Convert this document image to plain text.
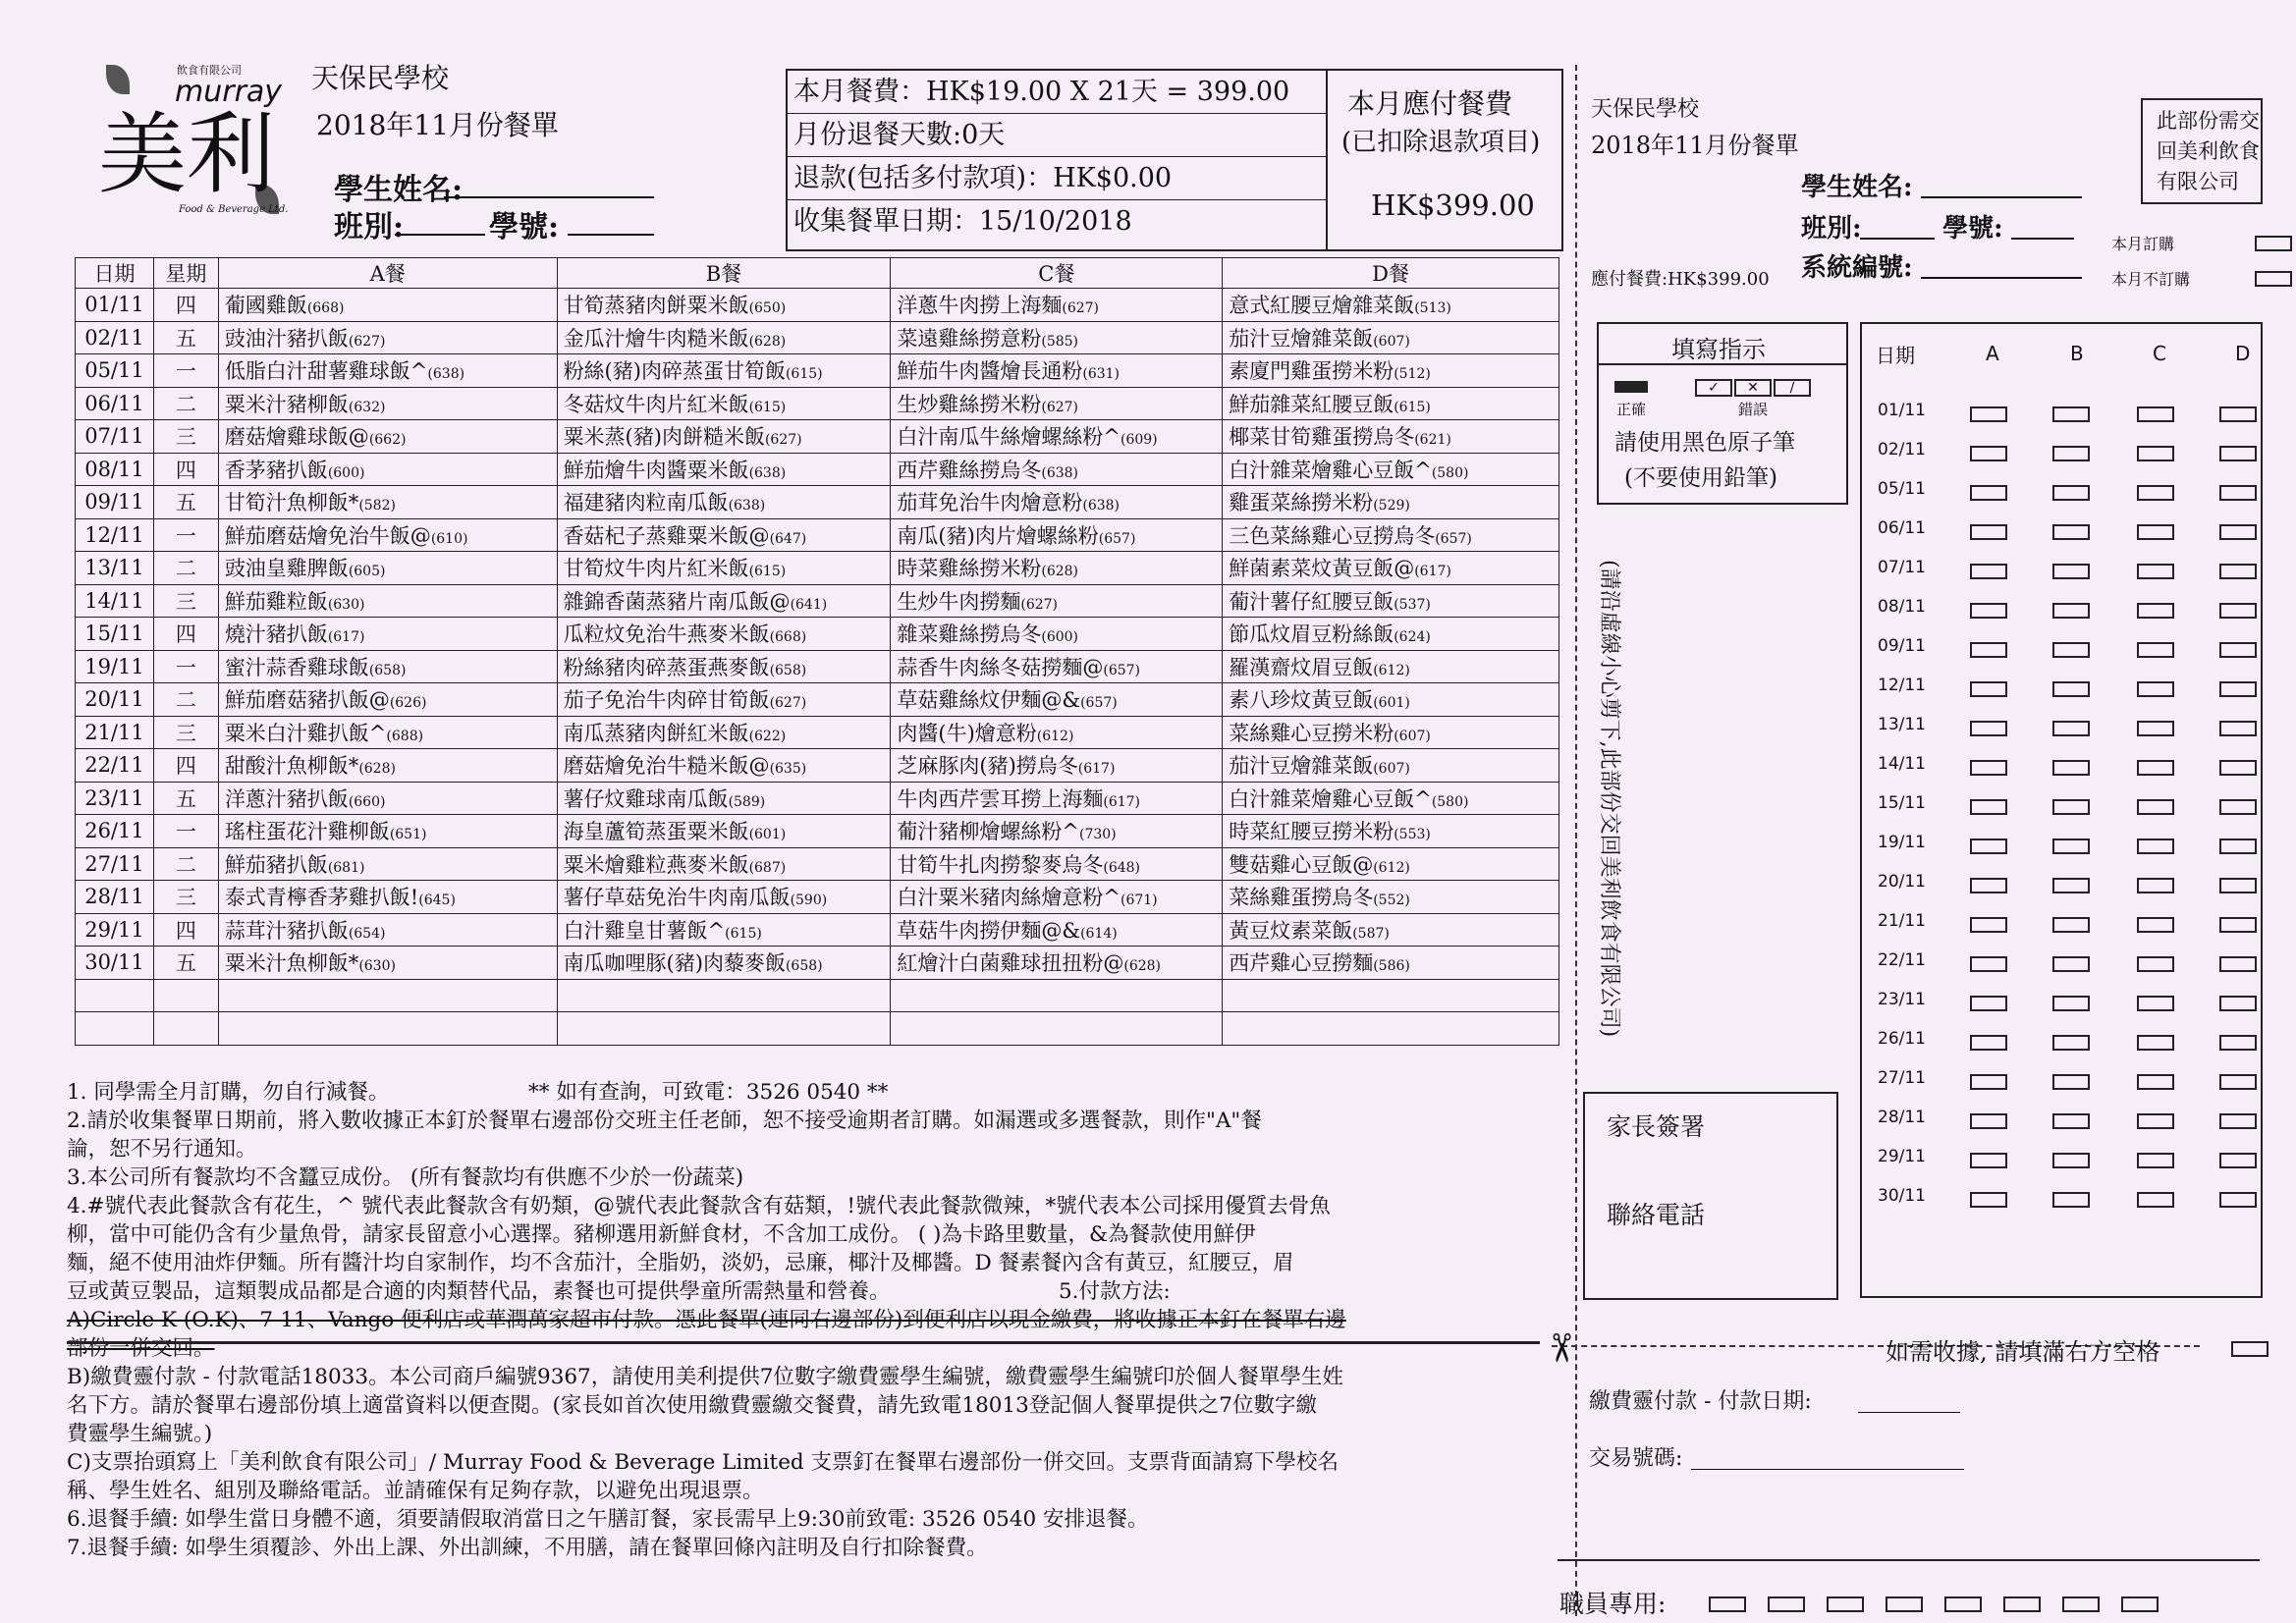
飲食有限公司
murray
美利
Food & Beverage Ltd.
天保民學校
2018年11月份餐單
學生姓名:
班別:	學號:
本月餐費：HK$19.00 X 21天 = 399.00
月份退餐天數:0天
退款(包括多付款項)：HK$0.00
收集餐單日期：15/10/2018
本月應付餐費
(已扣除退款項目)
HK$399.00
日期	星期	A餐	B餐	C餐	D餐
01/11	四	葡國雞飯(668)	甘筍蒸豬肉餅粟米飯(650)	洋蔥牛肉撈上海麵(627)	意式紅腰豆燴雜菜飯(513)
02/11	五	豉油汁豬扒飯(627)	金瓜汁燴牛肉糙米飯(628)	菜遠雞絲撈意粉(585)	茄汁豆燴雜菜飯(607)
05/11	一	低脂白汁甜薯雞球飯^(638)	粉絲(豬)肉碎蒸蛋甘筍飯(615)	鮮茄牛肉醬燴長通粉(631)	素廈門雞蛋撈米粉(512)
06/11	二	粟米汁豬柳飯(632)	冬菇炆牛肉片紅米飯(615)	生炒雞絲撈米粉(627)	鮮茄雜菜紅腰豆飯(615)
07/11	三	磨菇燴雞球飯@(662)	粟米蒸(豬)肉餅糙米飯(627)	白汁南瓜牛絲燴螺絲粉^(609)	椰菜甘筍雞蛋撈烏冬(621)
08/11	四	香茅豬扒飯(600)	鮮茄燴牛肉醬粟米飯(638)	西芹雞絲撈烏冬(638)	白汁雜菜燴雞心豆飯^(580)
09/11	五	甘筍汁魚柳飯*(582)	福建豬肉粒南瓜飯(638)	茄茸免治牛肉燴意粉(638)	雞蛋菜絲撈米粉(529)
12/11	一	鮮茄磨菇燴免治牛飯@(610)	香菇杞子蒸雞粟米飯@(647)	南瓜(豬)肉片燴螺絲粉(657)	三色菜絲雞心豆撈烏冬(657)
13/11	二	豉油皇雞脾飯(605)	甘筍炆牛肉片紅米飯(615)	時菜雞絲撈米粉(628)	鮮菌素菜炆黃豆飯@(617)
14/11	三	鮮茄雞粒飯(630)	雜錦香菌蒸豬片南瓜飯@(641)	生炒牛肉撈麵(627)	葡汁薯仔紅腰豆飯(537)
15/11	四	燒汁豬扒飯(617)	瓜粒炆免治牛燕麥米飯(668)	雜菜雞絲撈烏冬(600)	節瓜炆眉豆粉絲飯(624)
19/11	一	蜜汁蒜香雞球飯(658)	粉絲豬肉碎蒸蛋燕麥飯(658)	蒜香牛肉絲冬菇撈麵@(657)	羅漢齋炆眉豆飯(612)
20/11	二	鮮茄磨菇豬扒飯@(626)	茄子免治牛肉碎甘筍飯(627)	草菇雞絲炆伊麵@&(657)	素八珍炆黃豆飯(601)
21/11	三	粟米白汁雞扒飯^(688)	南瓜蒸豬肉餅紅米飯(622)	肉醬(牛)燴意粉(612)	菜絲雞心豆撈米粉(607)
22/11	四	甜酸汁魚柳飯*(628)	磨菇燴免治牛糙米飯@(635)	芝麻豚肉(豬)撈烏冬(617)	茄汁豆燴雜菜飯(607)
23/11	五	洋蔥汁豬扒飯(660)	薯仔炆雞球南瓜飯(589)	牛肉西芹雲耳撈上海麵(617)	白汁雜菜燴雞心豆飯^(580)
26/11	一	瑤柱蛋花汁雞柳飯(651)	海皇蘆筍蒸蛋粟米飯(601)	葡汁豬柳燴螺絲粉^(730)	時菜紅腰豆撈米粉(553)
27/11	二	鮮茄豬扒飯(681)	粟米燴雞粒燕麥米飯(687)	甘筍牛扎肉撈黎麥烏冬(648)	雙菇雞心豆飯@(612)
28/11	三	泰式青檸香茅雞扒飯!(645)	薯仔草菇免治牛肉南瓜飯(590)	白汁粟米豬肉絲燴意粉^(671)	菜絲雞蛋撈烏冬(552)
29/11	四	蒜茸汁豬扒飯(654)	白汁雞皇甘薯飯^(615)	草菇牛肉撈伊麵@&(614)	黃豆炆素菜飯(587)
30/11	五	粟米汁魚柳飯*(630)	南瓜咖哩豚(豬)肉藜麥飯(658)	紅燴汁白菌雞球扭扭粉@(628)	西芹雞心豆撈麵(586)

1. 同學需全月訂購，勿自行減餐。	** 如有查詢，可致電：3526 0540 **
2.請於收集餐單日期前，將入數收據正本釘於餐單右邊部份交班主任老師，恕不接受逾期者訂購。如漏選或多選餐款，則作"A"餐
論，恕不另行通知。
3.本公司所有餐款均不含蠶豆成份。 (所有餐款均有供應不少於一份蔬菜)
4.#號代表此餐款含有花生，^ 號代表此餐款含有奶類，@號代表此餐款含有菇類，!號代表此餐款微辣，*號代表本公司採用優質去骨魚
柳，當中可能仍含有少量魚骨，請家長留意小心選擇。豬柳選用新鮮食材，不含加工成份。 ( )為卡路里數量，&為餐款使用鮮伊
麵，絕不使用油炸伊麵。所有醬汁均自家制作，均不含茄汁，全脂奶，淡奶，忌廉，椰汁及椰醬。D 餐素餐內含有黃豆，紅腰豆，眉
豆或黃豆製品，這類製成品都是合適的肉類替代品，素餐也可提供學童所需熱量和營養。	5.付款方法:
A)Circle K (O.K)、7-11、Vango 便利店或華潤萬家超市付款。憑此餐單(連同右邊部份)到便利店以現金繳費，將收據正本釘在餐單右邊
部份一併交回。
B)繳費靈付款 - 付款電話18033。本公司商戶編號9367，請使用美利提供7位數字繳費靈學生編號，繳費靈學生編號印於個人餐單學生姓
名下方。請於餐單右邊部份填上適當資料以便查閱。(家長如首次使用繳費靈繳交餐費，請先致電18013登記個人餐單提供之7位數字繳
費靈學生編號。)
C)支票抬頭寫上「美利飲食有限公司」/ Murray Food & Beverage Limited 支票釘在餐單右邊部份一併交回。支票背面請寫下學校名
稱、學生姓名、組別及聯絡電話。並請確保有足夠存款，以避免出現退票。
6.退餐手續: 如學生當日身體不適，須要請假取消當日之午膳訂餐，家長需早上9:30前致電: 3526 0540 安排退餐。
7.退餐手續: 如學生須覆診、外出上課、外出訓練，不用膳，請在餐單回條內註明及自行扣除餐費。
✂
(請沿虛線小心剪下,此部份交回美利飲食有限公司)
天保民學校
2018年11月份餐單
此部份需交
回美利飲食
有限公司
學生姓名:
班別:	學號:
系統編號:
應付餐費:HK$399.00
本月訂購
本月不訂購
填寫指示
✓	✕	∕
正確	錯誤
請使用黑色原子筆
(不要使用鉛筆)
日期	A	B	C	D
01/11
02/11
05/11
06/11
07/11
08/11
09/11
12/11
13/11
14/11
15/11
19/11
20/11
21/11
22/11
23/11
26/11
27/11
28/11
29/11
30/11
家長簽署
聯絡電話
如需收據, 請填滿右方空格
繳費靈付款 - 付款日期:
交易號碼:
職員專用:
